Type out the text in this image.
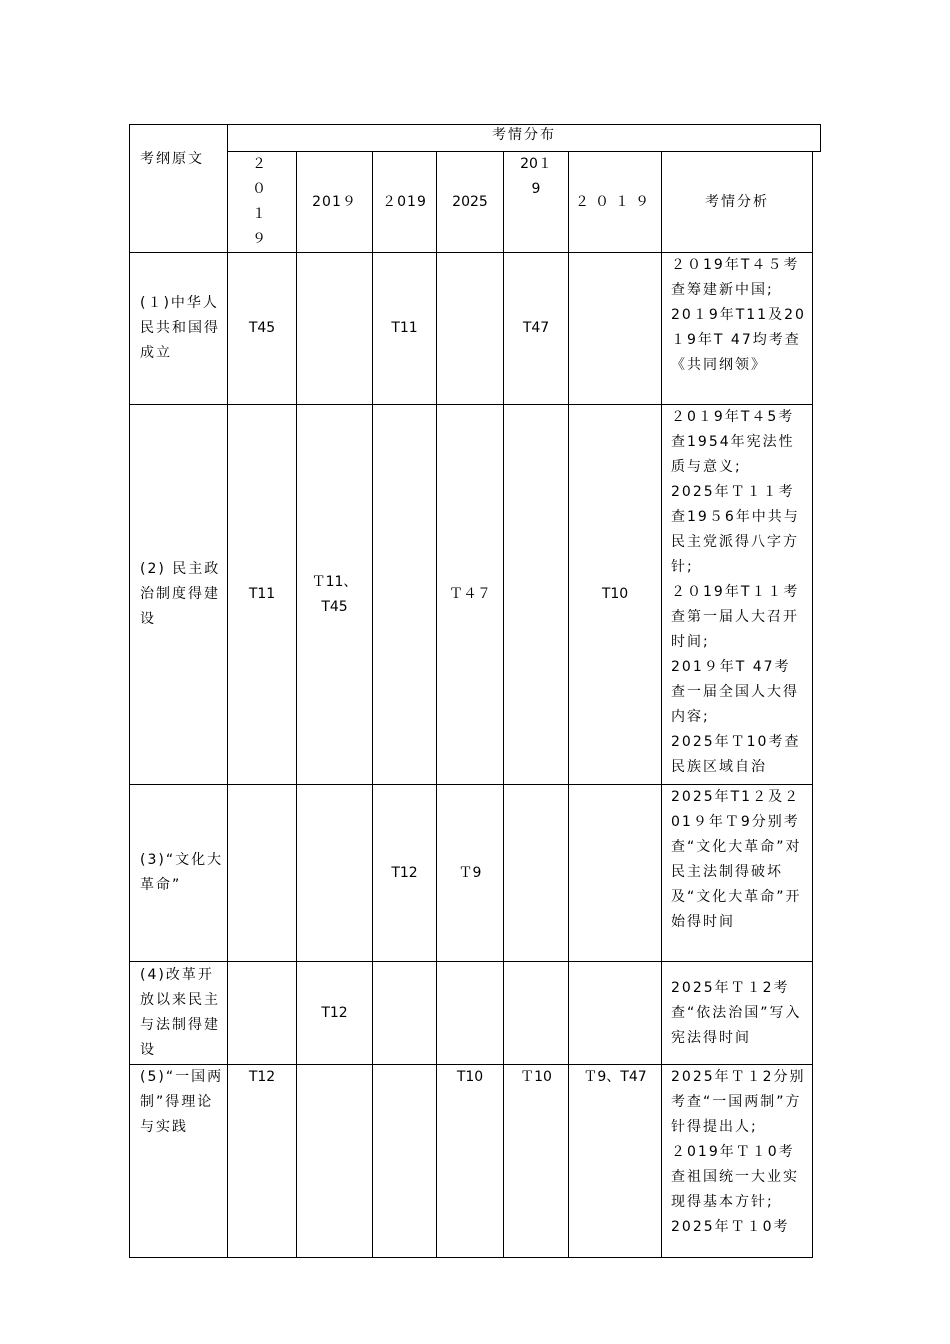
考纲原文	考情分布							

	２０１９	201９	２019	2025	20１9	２０１９	考情分析	

(１)中华人民共和国得成立	T45		T11		T47		２０19年T４５考查筹建新中国;
20１9年T11及20１9年T 47均考查《共同纲领》	

(2) 民主政治制度得建设	T11	Ｔ11、T45		Ｔ４７		T10	２0１9年T４5考查1954年宪法性质与意义;
2025年Ｔ１１考查19５6年中共与民主党派得八字方针;
２０19年T１１考查第一届人大召开时间;
201９年T 47考查一届全国人大得内容;
2025年Ｔ10考查民族区域自治	

(3)“文化大革命”			T12	Ｔ9			2025年T1２及２01９年Ｔ9分别考查“文化大革命”对民主法制得破坏及“文化大革命”开始得时间	

(4)改革开放以来民主与法制得建设		T12					2025年Ｔ１2考查“依法治国”写入宪法得时间	

(5)“一国两制”得理论与实践	T12			T10	Ｔ10	Ｔ9、T47	2025年Ｔ１2分别考查“一国两制”方针得提出人;
２019年Ｔ１0考查祖国统一大业实现得基本方针;
2025年Ｔ１0考	
